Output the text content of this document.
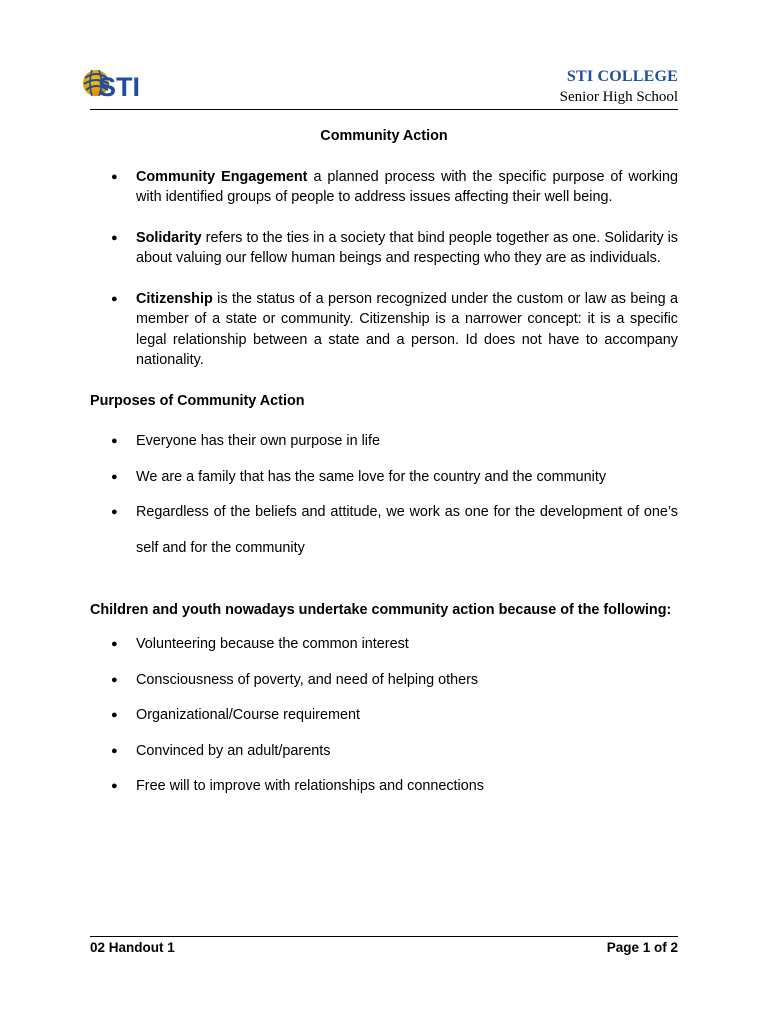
STI	STI COLLEGE
Senior High School
Community Action
● Community Engagement a planned process with the specific purpose of working with identified groups of people to address issues affecting their well being.
● Solidarity refers to the ties in a society that bind people together as one. Solidarity is about valuing our fellow human beings and respecting who they are as individuals.
● Citizenship is the status of a person recognized under the custom or law as being a member of a state or community. Citizenship is a narrower concept: it is a specific legal relationship between a state and a person. Id does not have to accompany nationality.
Purposes of Community Action
● Everyone has their own purpose in life
● We are a family that has the same love for the country and the community
● Regardless of the beliefs and attitude, we work as one for the development of one’s self and for the community
Children and youth nowadays undertake community action because of the following:
● Volunteering because the common interest
● Consciousness of poverty, and need of helping others
● Organizational/Course requirement
● Convinced by an adult/parents
● Free will to improve with relationships and connections
02 Handout 1	Page 1 of 2
